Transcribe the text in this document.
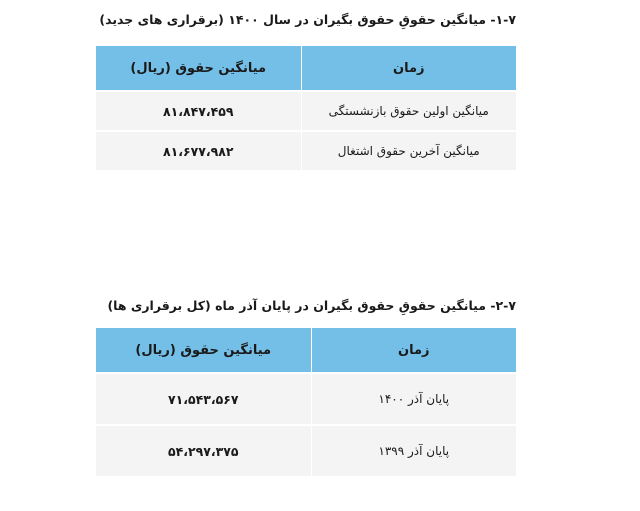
۱-۷- میانگین حقوقِ حقوق بگیران در سال ۱۴۰۰ (برقراری های جدید)
زمان	میانگین حقوق (ریال)
میانگین اولین حقوق بازنشستگی	۸۱،۸۴۷،۴۵۹
میانگین آخرین حقوق اشتغال	۸۱،۶۷۷،۹۸۲
۲-۷- میانگین حقوقِ حقوق بگیران در پایان آذر ماه (کل برقراری ها)
زمان	میانگین حقوق (ریال)
پایان آذر ۱۴۰۰	۷۱،۵۴۳،۵۶۷
پایان آذر ۱۳۹۹	۵۴،۲۹۷،۳۷۵
